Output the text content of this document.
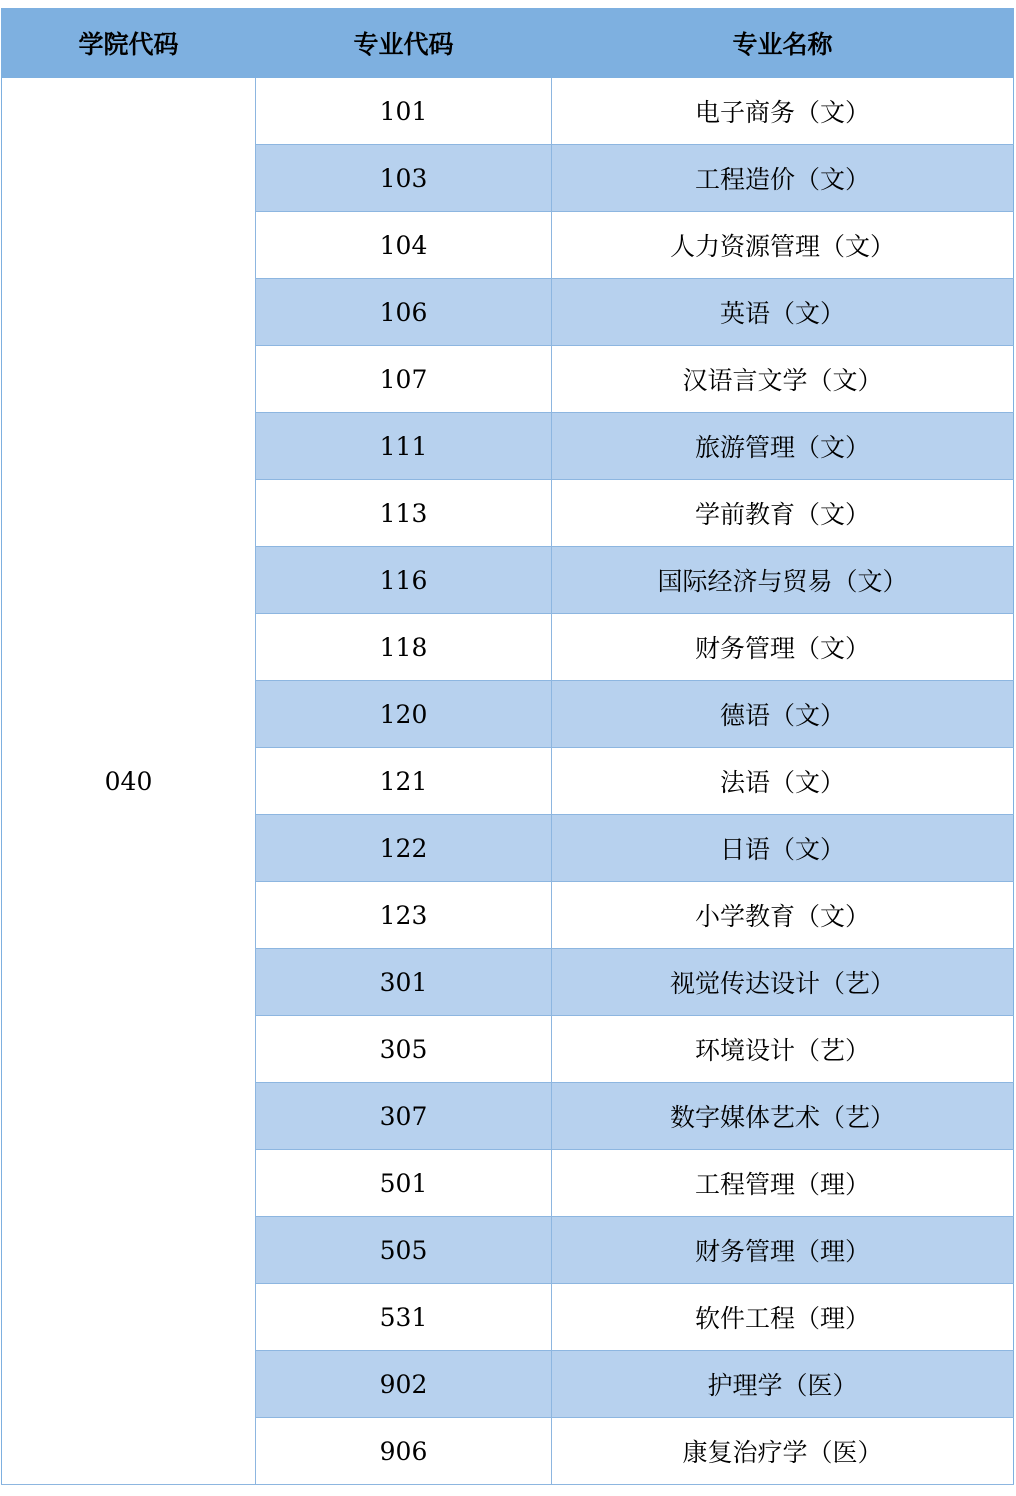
学院代码	专业代码	专业名称
040	101	电子商务（文）
	103	工程造价（文）
	104	人力资源管理（文）
	106	英语（文）
	107	汉语言文学（文）
	111	旅游管理（文）
	113	学前教育（文）
	116	国际经济与贸易（文）
	118	财务管理（文）
	120	德语（文）
	121	法语（文）
	122	日语（文）
	123	小学教育（文）
	301	视觉传达设计（艺）
	305	环境设计（艺）
	307	数字媒体艺术（艺）
	501	工程管理（理）
	505	财务管理（理）
	531	软件工程（理）
	902	护理学（医）
	906	康复治疗学（医）
